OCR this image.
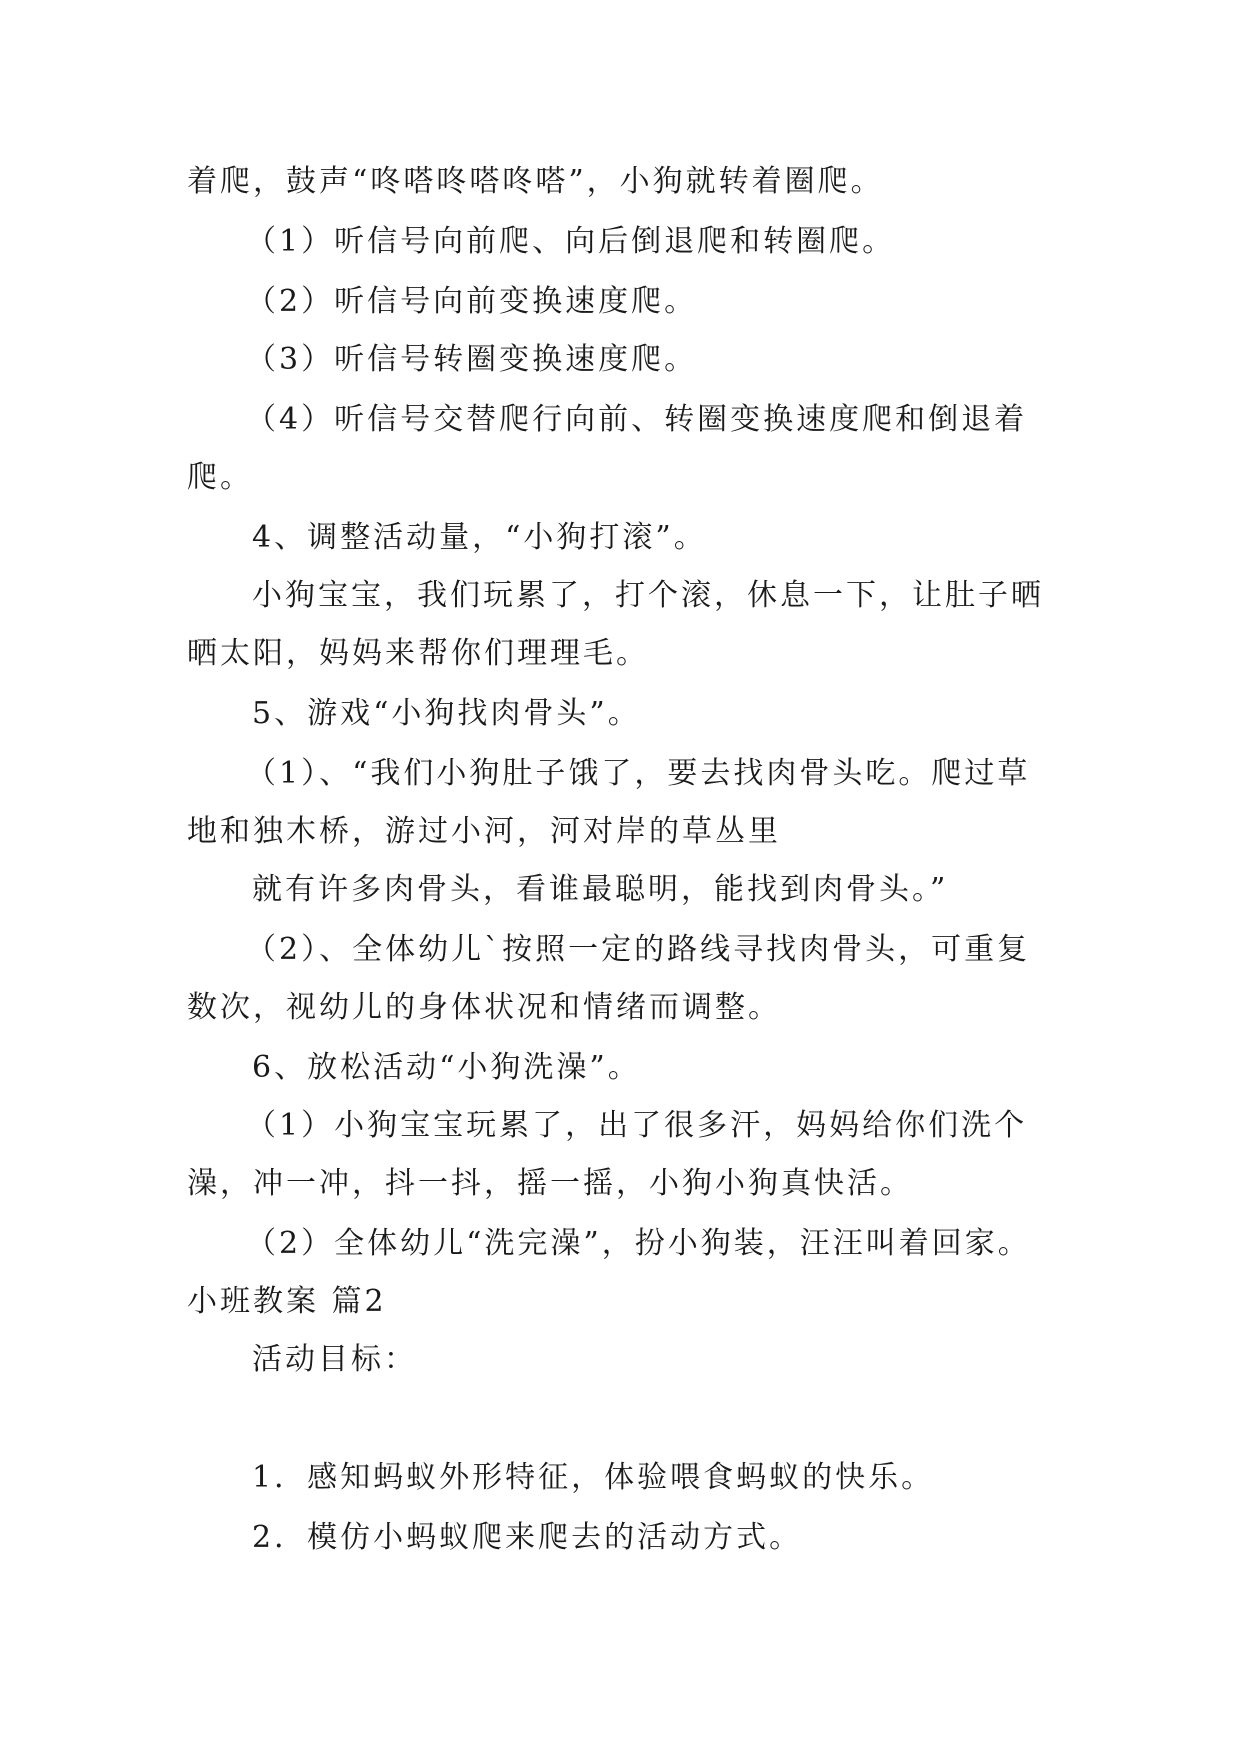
着爬，鼓声“咚嗒咚嗒咚嗒”，小狗就转着圈爬。

（1）听信号向前爬、向后倒退爬和转圈爬。

（2）听信号向前变换速度爬。

（3）听信号转圈变换速度爬。

（4）听信号交替爬行向前、转圈变换速度爬和倒退着

爬。

4、调整活动量，“小狗打滚”。

小狗宝宝，我们玩累了，打个滚，休息一下，让肚子晒

晒太阳，妈妈来帮你们理理毛。

5、游戏“小狗找肉骨头”。

（1）、“我们小狗肚子饿了，要去找肉骨头吃。爬过草

地和独木桥，游过小河，河对岸的草丛里

就有许多肉骨头，看谁最聪明，能找到肉骨头。”

（2）、全体幼儿`按照一定的路线寻找肉骨头，可重复

数次，视幼儿的身体状况和情绪而调整。

6、放松活动“小狗洗澡”。

（1）小狗宝宝玩累了，出了很多汗，妈妈给你们洗个

澡，冲一冲，抖一抖，摇一摇，小狗小狗真快活。

（2）全体幼儿“洗完澡”，扮小狗装，汪汪叫着回家。

小班教案 篇2

活动目标：

1．感知蚂蚁外形特征，体验喂食蚂蚁的快乐。

2．模仿小蚂蚁爬来爬去的活动方式。
